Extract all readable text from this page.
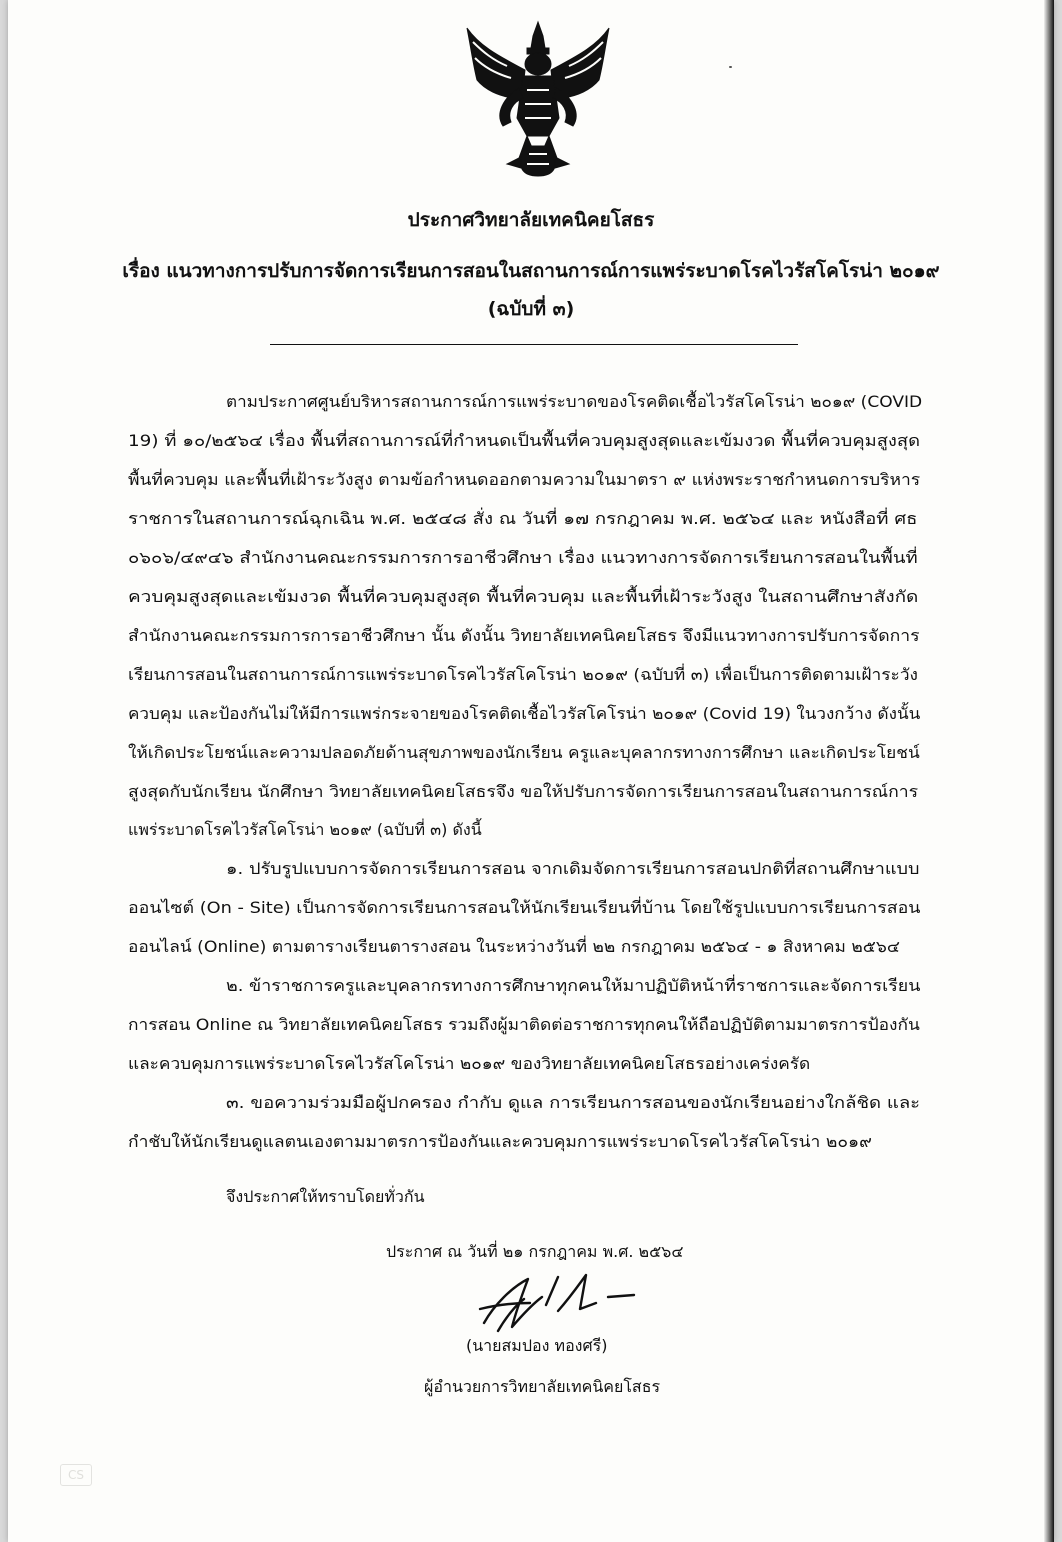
ประกาศวิทยาลัยเทคนิคยโสธร
เรื่อง แนวทางการปรับการจัดการเรียนการสอนในสถานการณ์การแพร่ระบาดโรคไวรัสโคโรน่า ๒๐๑๙
(ฉบับที่ ๓)
ตามประกาศศูนย์บริหารสถานการณ์การแพร่ระบาดของโรคติดเชื้อไวรัสโคโรน่า ๒๐๑๙ (COVID
19) ที่ ๑๐/๒๕๖๔ เรื่อง พื้นที่สถานการณ์ที่กำหนดเป็นพื้นที่ควบคุมสูงสุดและเข้มงวด พื้นที่ควบคุมสูงสุด
พื้นที่ควบคุม และพื้นที่เฝ้าระวังสูง ตามข้อกำหนดออกตามความในมาตรา ๙ แห่งพระราชกำหนดการบริหาร
ราชการในสถานการณ์ฉุกเฉิน พ.ศ. ๒๕๔๘ สั่ง ณ วันที่ ๑๗ กรกฎาคม พ.ศ. ๒๕๖๔ และ หนังสือที่ ศธ
๐๖๐๖/๔๙๔๖ สำนักงานคณะกรรมการการอาชีวศึกษา เรื่อง แนวทางการจัดการเรียนการสอนในพื้นที่
ควบคุมสูงสุดและเข้มงวด พื้นที่ควบคุมสูงสุด พื้นที่ควบคุม และพื้นที่เฝ้าระวังสูง ในสถานศึกษาสังกัด
สำนักงานคณะกรรมการการอาชีวศึกษา นั้น ดังนั้น วิทยาลัยเทคนิคยโสธร จึงมีแนวทางการปรับการจัดการ
เรียนการสอนในสถานการณ์การแพร่ระบาดโรคไวรัสโคโรน่า ๒๐๑๙ (ฉบับที่ ๓) เพื่อเป็นการติดตามเฝ้าระวัง
ควบคุม และป้องกันไม่ให้มีการแพร่กระจายของโรคติดเชื้อไวรัสโคโรน่า ๒๐๑๙ (Covid 19) ในวงกว้าง ดังนั้น
ให้เกิดประโยชน์และความปลอดภัยด้านสุขภาพของนักเรียน ครูและบุคลากรทางการศึกษา และเกิดประโยชน์
สูงสุดกับนักเรียน นักศึกษา วิทยาลัยเทคนิคยโสธรจึง ขอให้ปรับการจัดการเรียนการสอนในสถานการณ์การ
แพร่ระบาดโรคไวรัสโคโรน่า ๒๐๑๙ (ฉบับที่ ๓) ดังนี้
๑. ปรับรูปแบบการจัดการเรียนการสอน จากเดิมจัดการเรียนการสอนปกติที่สถานศึกษาแบบ
ออนไซต์ (On - Site) เป็นการจัดการเรียนการสอนให้นักเรียนเรียนที่บ้าน โดยใช้รูปแบบการเรียนการสอน
ออนไลน์ (Online) ตามตารางเรียนตารางสอน ในระหว่างวันที่ ๒๒ กรกฎาคม ๒๕๖๔ - ๑ สิงหาคม ๒๕๖๔
๒. ข้าราชการครูและบุคลากรทางการศึกษาทุกคนให้มาปฏิบัติหน้าที่ราชการและจัดการเรียน
การสอน Online ณ วิทยาลัยเทคนิคยโสธร รวมถึงผู้มาติดต่อราชการทุกคนให้ถือปฏิบัติตามมาตรการป้องกัน
และควบคุมการแพร่ระบาดโรคไวรัสโคโรน่า ๒๐๑๙ ของวิทยาลัยเทคนิคยโสธรอย่างเคร่งครัด
๓. ขอความร่วมมือผู้ปกครอง กำกับ ดูแล การเรียนการสอนของนักเรียนอย่างใกล้ชิด และ
กำชับให้นักเรียนดูแลตนเองตามมาตรการป้องกันและควบคุมการแพร่ระบาดโรคไวรัสโคโรน่า ๒๐๑๙
จึงประกาศให้ทราบโดยทั่วกัน
ประกาศ ณ วันที่ ๒๑ กรกฎาคม พ.ศ. ๒๕๖๔
(นายสมปอง ทองศรี)
ผู้อำนวยการวิทยาลัยเทคนิคยโสธร
CS
